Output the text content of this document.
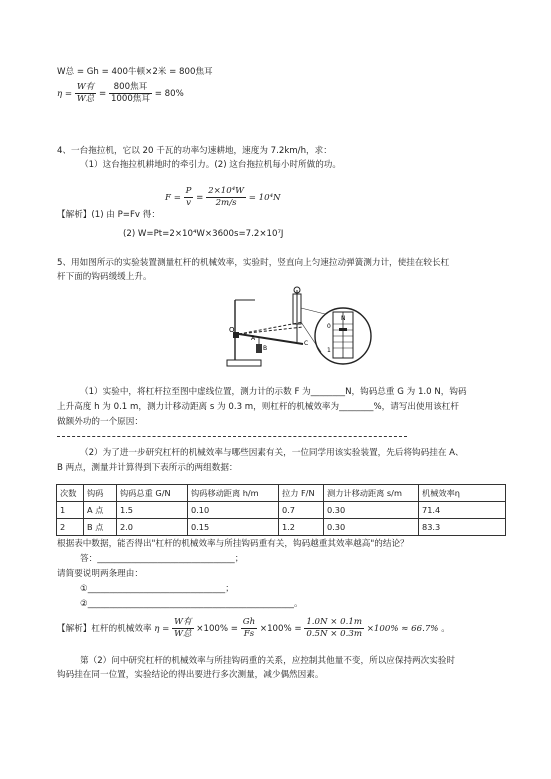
W总 = Gh = 400牛顿×2米 = 800焦耳
$\eta = \frac{\text{W有}}{\text{W总}} = \frac{\text{800焦耳}}{\text{1000焦耳}} = 80\%$
4、一台拖拉机，它以 20 千瓦的功率匀速耕地，速度为 7.2km/h，求：
（1）这台拖拉机耕地时的牵引力。(2) 这台拖拉机每小时所做的功。
$F = \frac{P}{v} = \frac{\text{2×10⁴W}}{2m/s} = 10^4N$
【解析】(1) 由 P=Fv 得：
(2) W=Pt=2×10⁴W×3600s=7.2×10⁷J
5、用如图所示的实验装置测量杠杆的机械效率，实验时，竖直向上匀速拉动弹簧测力计，使挂在较长杠
杆下面的钩码缓缓上升。
O
A
B
C
N
0
1
（1）实验中，将杠杆拉至图中虚线位置，测力计的示数 F 为________N，钩码总重 G 为 1.0 N，钩码
上升高度 h 为 0.1 m，测力计移动距离 s 为 0.3 m，则杠杆的机械效率为________%，请写出使用该杠杆
做额外功的一个原因：
（2）为了进一步研究杠杆的机械效率与哪些因素有关，一位同学用该实验装置，先后将钩码挂在 A、
B 两点，测量并计算得到下表所示的两组数据：
次数	钩码	钩码总重 G/N	钩码移动距离 h/m	拉力 F/N	测力计移动距离 s/m	机械效率η
1	A 点	1.5	0.10	0.7	0.30	71.4
2	B 点	2.0	0.15	1.2	0.30	83.3
根据表中数据，能否得出"杠杆的机械效率与所挂钩码重有关，钩码越重其效率越高"的结论？
答：________________________________；
请简要说明两条理由：
①________________________________；
②________________________________________________。
【解析】杠杆的机械效率 $\eta = \frac{\text{W有}}{\text{W总}} \times 100\% = \frac{Gh}{Fs} \times 100\% = \frac{1.0N \times 0.1m}{0.5N \times 0.3m} \times 100\% \approx 66.7\%$ 。
第（2）问中研究杠杆的机械效率与所挂钩码重的关系，应控制其他量不变，所以应保持两次实验时
钩码挂在同一位置，实验结论的得出要进行多次测量，减少偶然因素。
